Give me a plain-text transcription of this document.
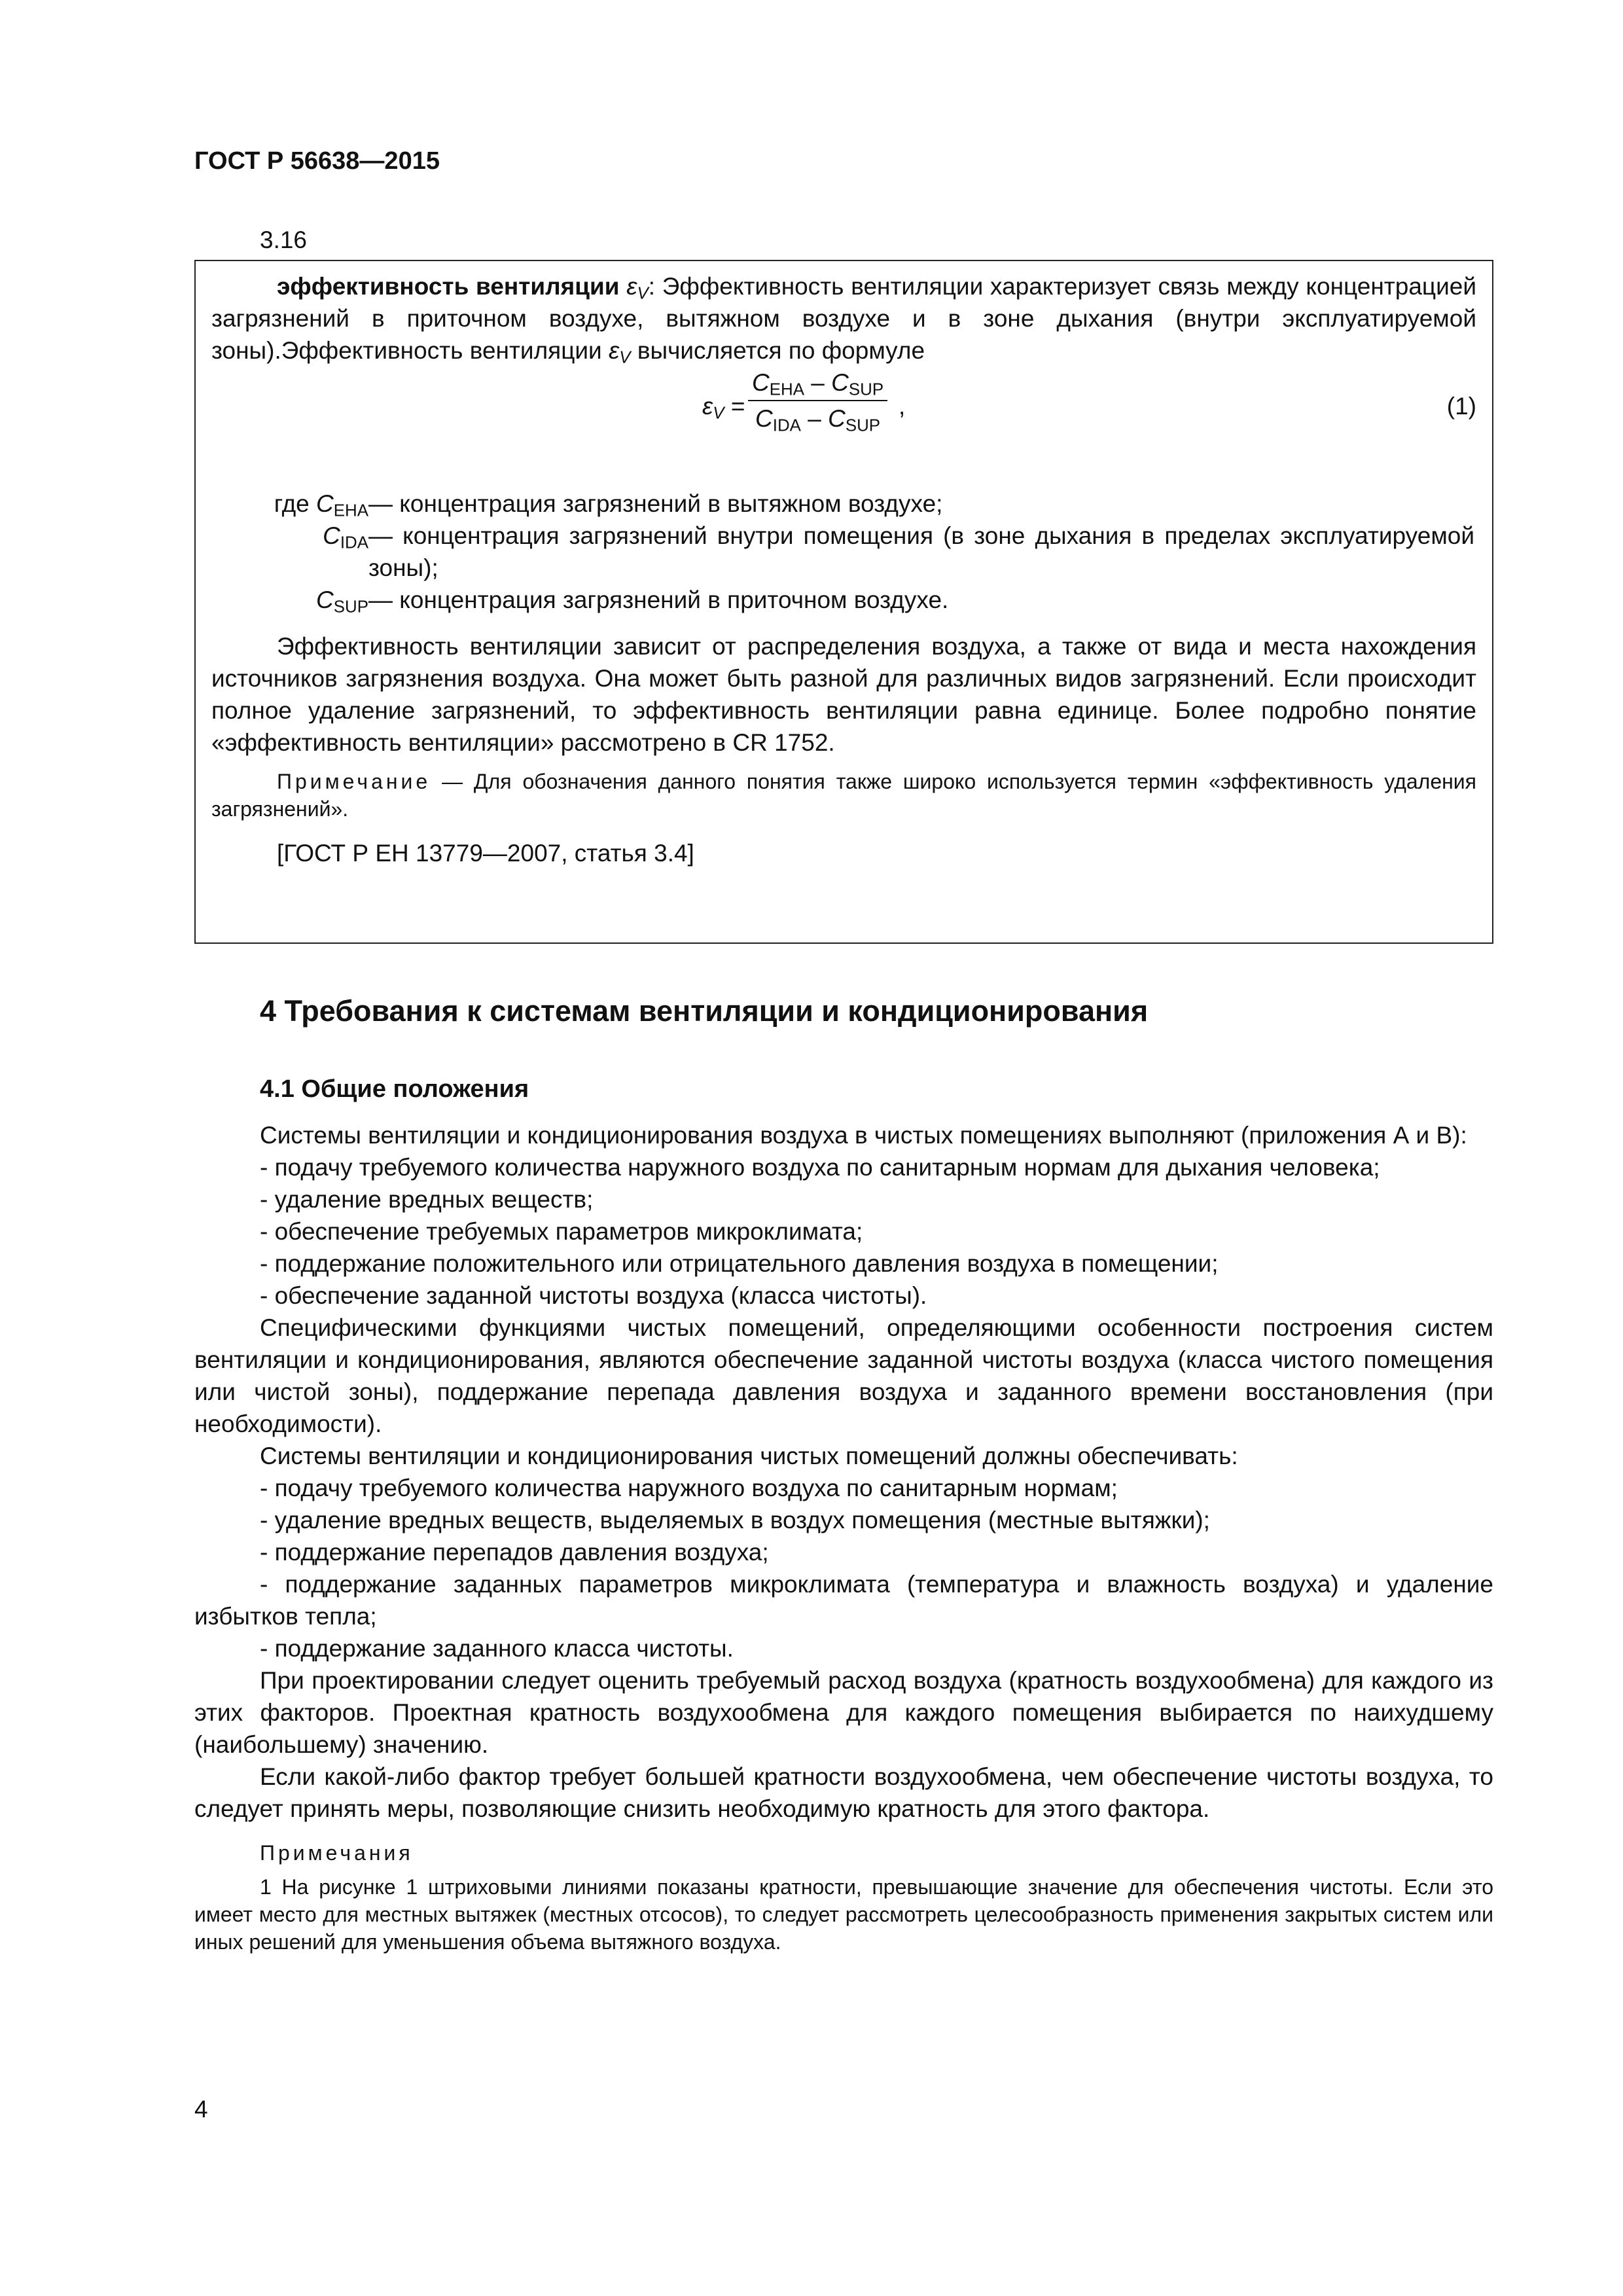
ГОСТ Р 56638—2015
3.16

эффективность вентиляции $\varepsilon_V$: Эффективность вентиляции характеризует связь между концентрацией загрязнений в приточном воздухе, вытяжном воздухе и в зоне дыхания (внутри эксплуатируемой зоны).Эффективность вентиляции $\varepsilon_V$ вычисляется по формуле

$\varepsilon_V$ =
$C_{EHA} - C_{SUP}$
$C_{IDA} - C_{SUP}$
,	(1)
где $C_{EHA}—$ концентрация загрязнений в вытяжном воздухе;
$C_{IDA}—$ концентрация загрязнений внутри помещения (в зоне дыхания в пределах эксплуатируемой зоны);
$C_{SUP}—$ концентрация загрязнений в приточном воздухе.

Эффективность вентиляции зависит от распределения воздуха, а также от вида и места нахождения источников загрязнения воздуха. Она может быть разной для различных видов загрязнений. Если происходит полное удаление загрязнений, то эффективность вентиляции равна единице. Более подробно понятие «эффективность вентиляции» рассмотрено в CR 1752.

Примечание — Для обозначения данного понятия также широко используется термин «эффективность удаления загрязнений».

[ГОСТ Р ЕН 13779—2007, статья 3.4]

4 Требования к системам вентиляции и кондиционирования
4.1 Общие положения

Системы вентиляции и кондиционирования воздуха в чистых помещениях выполняют (приложения А и В):

- подачу требуемого количества наружного воздуха по санитарным нормам для дыхания человека;

- удаление вредных веществ;

- обеспечение требуемых параметров микроклимата;

- поддержание положительного или отрицательного давления воздуха в помещении;

- обеспечение заданной чистоты воздуха (класса чистоты).

Специфическими функциями чистых помещений, определяющими особенности построения систем вентиляции и кондиционирования, являются обеспечение заданной чистоты воздуха (класса чистого помещения или чистой зоны), поддержание перепада давления воздуха и заданного времени восстановления (при необходимости).

Системы вентиляции и кондиционирования чистых помещений должны обеспечивать:

- подачу требуемого количества наружного воздуха по санитарным нормам;

- удаление вредных веществ, выделяемых в воздух помещения (местные вытяжки);

- поддержание перепадов давления воздуха;

- поддержание заданных параметров микроклимата (температура и влажность воздуха) и удаление избытков тепла;

- поддержание заданного класса чистоты.

При проектировании следует оценить требуемый расход воздуха (кратность воздухообмена) для каждого из этих факторов. Проектная кратность воздухообмена для каждого помещения выбирается по наихудшему (наибольшему) значению.

Если какой-либо фактор требует большей кратности воздухообмена, чем обеспечение чистоты воздуха, то следует принять меры, позволяющие снизить необходимую кратность для этого фактора.

Примечания

1 На рисунке 1 штриховыми линиями показаны кратности, превышающие значение для обеспечения чистоты. Если это имеет место для местных вытяжек (местных отсосов), то следует рассмотреть целесообразность применения закрытых систем или иных решений для уменьшения объема вытяжного воздуха.

4
